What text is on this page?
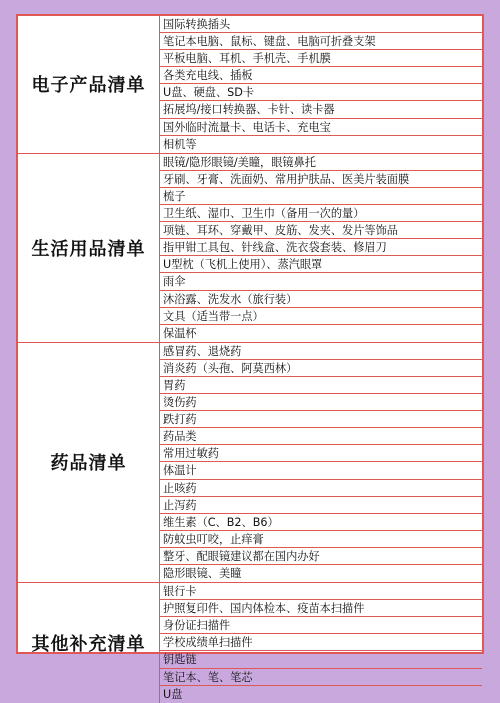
电子产品清单
国际转换插头
笔记本电脑、鼠标、键盘、电脑可折叠支架
平板电脑、耳机、手机壳、手机膜
各类充电线、插板
U盘、硬盘、SD卡
拓展坞/接口转换器、卡针、读卡器
国外临时流量卡、电话卡、充电宝
相机等
生活用品清单
眼镜/隐形眼镜/美瞳，眼镜鼻托
牙刷、牙膏、洗面奶、常用护肤品、医美片装面膜
梳子
卫生纸、湿巾、卫生巾（备用一次的量）
项链、耳环、穿戴甲、皮筋、发夹、发片等饰品
指甲钳工具包、针线盒、洗衣袋套装、修眉刀
U型枕（飞机上使用）、蒸汽眼罩
雨伞
沐浴露、洗发水（旅行装）
文具（适当带一点）
保温杯
药品清单
感冒药、退烧药
消炎药（头孢、阿莫西林）
胃药
烫伤药
跌打药
药品类
常用过敏药
体温计
止咳药
止泻药
维生素（C、B2、B6）
防蚊虫叮咬，止痒膏
整牙、配眼镜建议都在国内办好
隐形眼镜、美瞳
其他补充清单
银行卡
护照复印件、国内体检本、疫苗本扫描件
身份证扫描件
学校成绩单扫描件
钥匙链
笔记本、笔、笔芯
U盘
